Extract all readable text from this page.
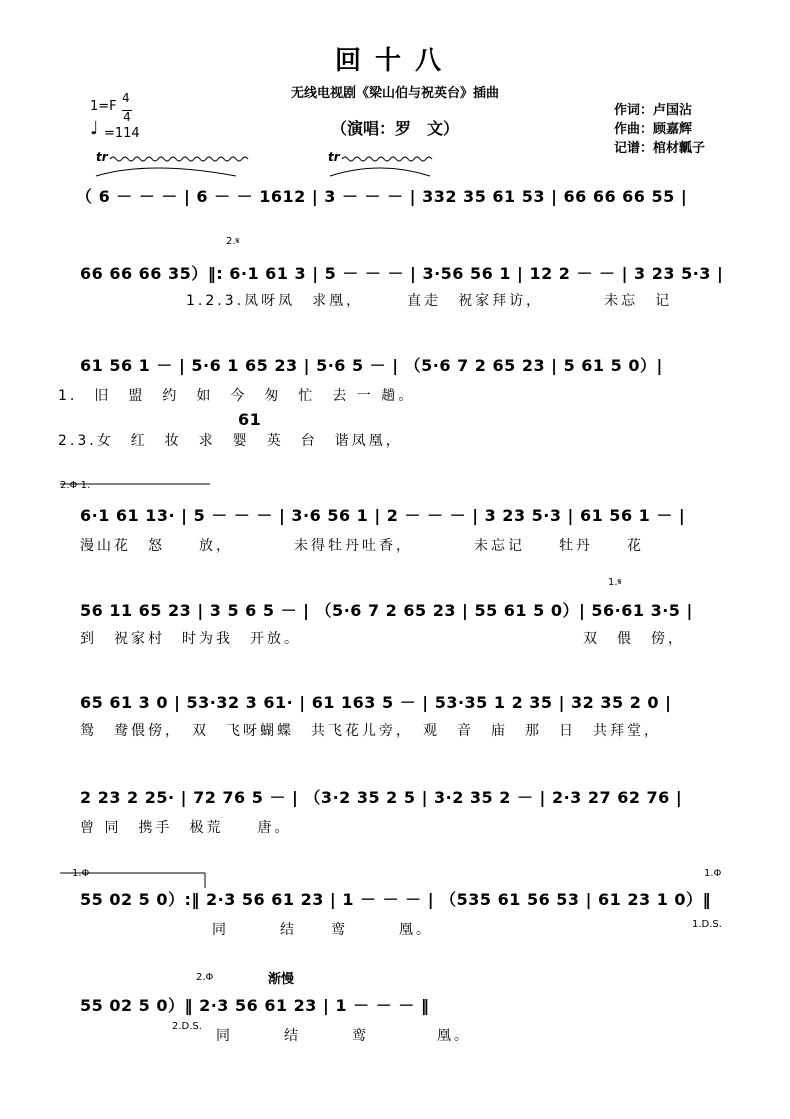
回十八
无线电视剧《梁山伯与祝英台》插曲
（演唱：罗　文）
1=F
4
4
♩ =114
作词：卢国沾
作曲：顾嘉辉
记谱：棺材瓤子
tr	tr
（ 6 － － － | 6 － － 1612 | 3 － － － | 332 35 61 53 | 66 66 66 55 |
2.𝄋
66 66 66 35）‖: 6·1 61 3 | 5 － － － | 3·56 56 1 | 12 2 － － | 3 23 5·3 |
1.2.3.凤呀凤　求凰，　　　直走　祝家拜访，　　　　未忘　记
61 56 1 － | 5·6 1 65 23 | 5·6 5 － | （5·6 7 2 65 23 | 5 61 5 0）|
1.　旧　盟　约　如　今　匆　忙　去 一 趟。
61
2.3.女　红　妆　求　婴　英　台　谐凤凰，
2.Φ 1.
6·1 61 13· | 5 － － － | 3·6 56 1 | 2 － － － | 3 23 5·3 | 61 56 1 － |
漫山花　怒　　放，　　　　未得牡丹吐香，　　　　未忘记　　牡丹　　花
1.𝄋
56 11 65 23 | 3 5 6 5 － | （5·6 7 2 65 23 | 55 61 5 0）| 56·61 3·5 |
到　祝家村　时为我　开放。　　　　　　　　　　　　　　　　　双　偎　傍，
65 61 3 0 | 53·32 3 61· | 61 163 5 － | 53·35 1 2 35 | 32 35 2 0 |
鸳　鸯偎傍，　双　飞呀蝴蝶　共飞花儿旁，　观　音　庙　那　日　共拜堂，
2 23 2 25· | 72 76 5 － | （3·2 35 2 5 | 3·2 35 2 － | 2·3 27 62 76 |
曾 同　携手　极荒　　唐。
1.Φ	1.Φ
55 02 5 0）:‖ 2·3 56 61 23 | 1 － － － | （535 61 56 53 | 61 23 1 0）‖
同　　　结　　鸾　　　凰。	1.D.S.
渐慢
2.Φ
55 02 5 0）‖ 2·3 56 61 23 | 1 － － － ‖
2.D.S.
同　　　结　　　鸾　　　　凰。
